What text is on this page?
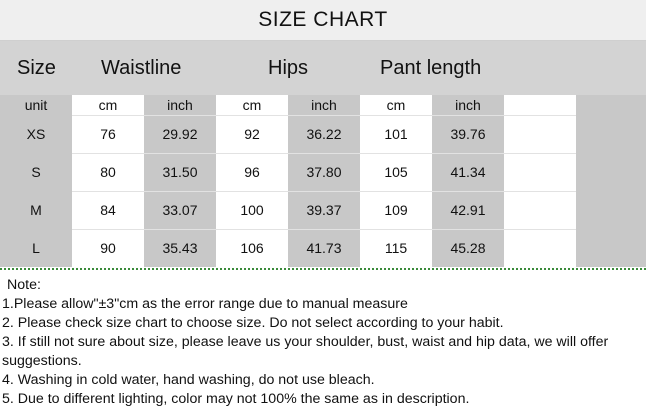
SIZE CHART
Size Waistline	Hips	Pant length
unit	cm	inch	cm	inch	cm	inch
XS	76	29.92	92	36.22	101	39.76
S	80	31.50	96	37.80	105	41.34
M	84	33.07	100	39.37	109	42.91
L	90	35.43	106	41.73	115	45.28
Note:
1.Please allow"±3"cm as the error range due to manual measure
2. Please check size chart to choose size. Do not select according to your habit.
3. If still not sure about size, please leave us your shoulder, bust, waist and hip data, we will offer suggestions.
4. Washing in cold water, hand washing, do not use bleach.
5. Due to different lighting, color may not 100% the same as in description.
